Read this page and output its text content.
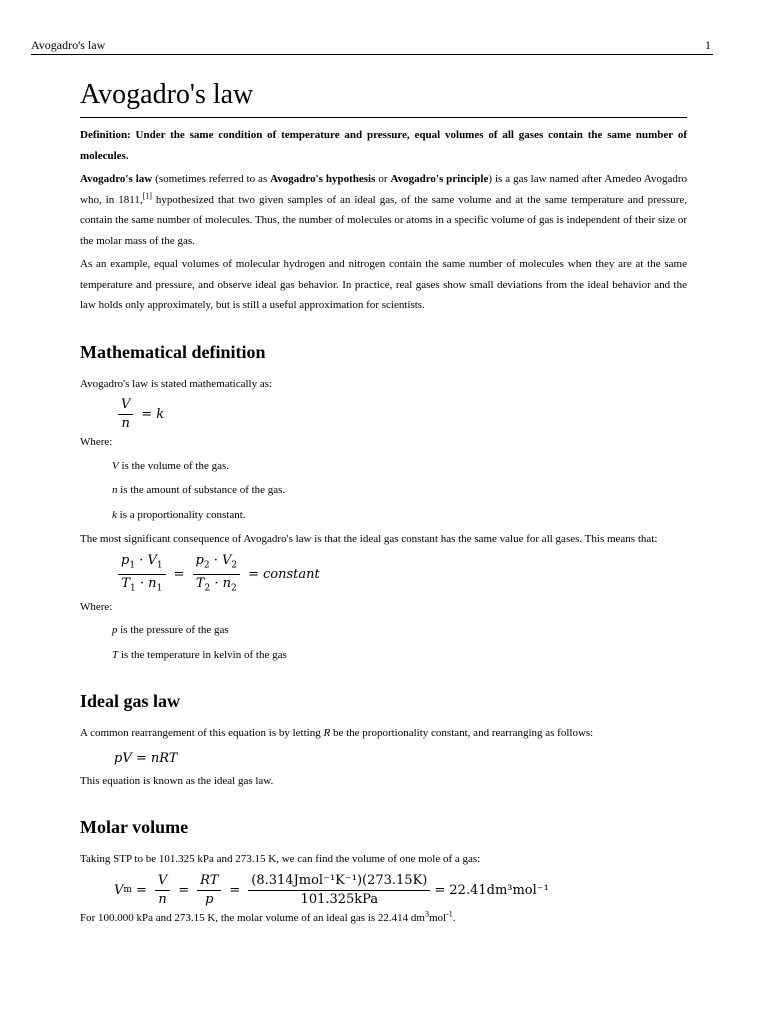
Avogadro's law	1
Avogadro's law

Definition: Under the same condition of temperature and pressure, equal volumes of all gases contain the same number of molecules.

Avogadro's law (sometimes referred to as Avogadro's hypothesis or Avogadro's principle) is a gas law named after Amedeo Avogadro who, in 1811,[1] hypothesized that two given samples of an ideal gas, of the same volume and at the same temperature and pressure, contain the same number of molecules. Thus, the number of molecules or atoms in a specific volume of gas is independent of their size or the molar mass of the gas.

As an example, equal volumes of molecular hydrogen and nitrogen contain the same number of molecules when they are at the same temperature and pressure, and observe ideal gas behavior. In practice, real gases show small deviations from the ideal behavior and the law holds only approximately, but is still a useful approximation for scientists.

Mathematical definition

Avogadro's law is stated mathematically as:

$\frac{V}{n} = k$

Where:

V is the volume of the gas.

n is the amount of substance of the gas.

k is a proportionality constant.

The most significant consequence of Avogadro's law is that the ideal gas constant has the same value for all gases. This means that:

$\frac{p_1 \cdot V_1}{T_1 \cdot n_1} = \frac{p_2 \cdot V_2}{T_2 \cdot n_2}$ = constant

Where:

p is the pressure of the gas

T is the temperature in kelvin of the gas

Ideal gas law

A common rearrangement of this equation is by letting R be the proportionality constant, and rearranging as follows:

pV = nRT

This equation is known as the ideal gas law.

Molar volume

Taking STP to be 101.325 kPa and 273.15 K, we can find the volume of one mole of a gas:

V $m = \frac{V}{n} = \frac{RT}{p} = \frac{\text{(8.314Jmol⁻¹K⁻¹)(273.15K)}}{\text{101.325kPa}} = 22.41dm^3mol^{-1}$

For 100.000 kPa and 273.15 K, the molar volume of an ideal gas is 22.414 $dm^3mol^{-1}$.
